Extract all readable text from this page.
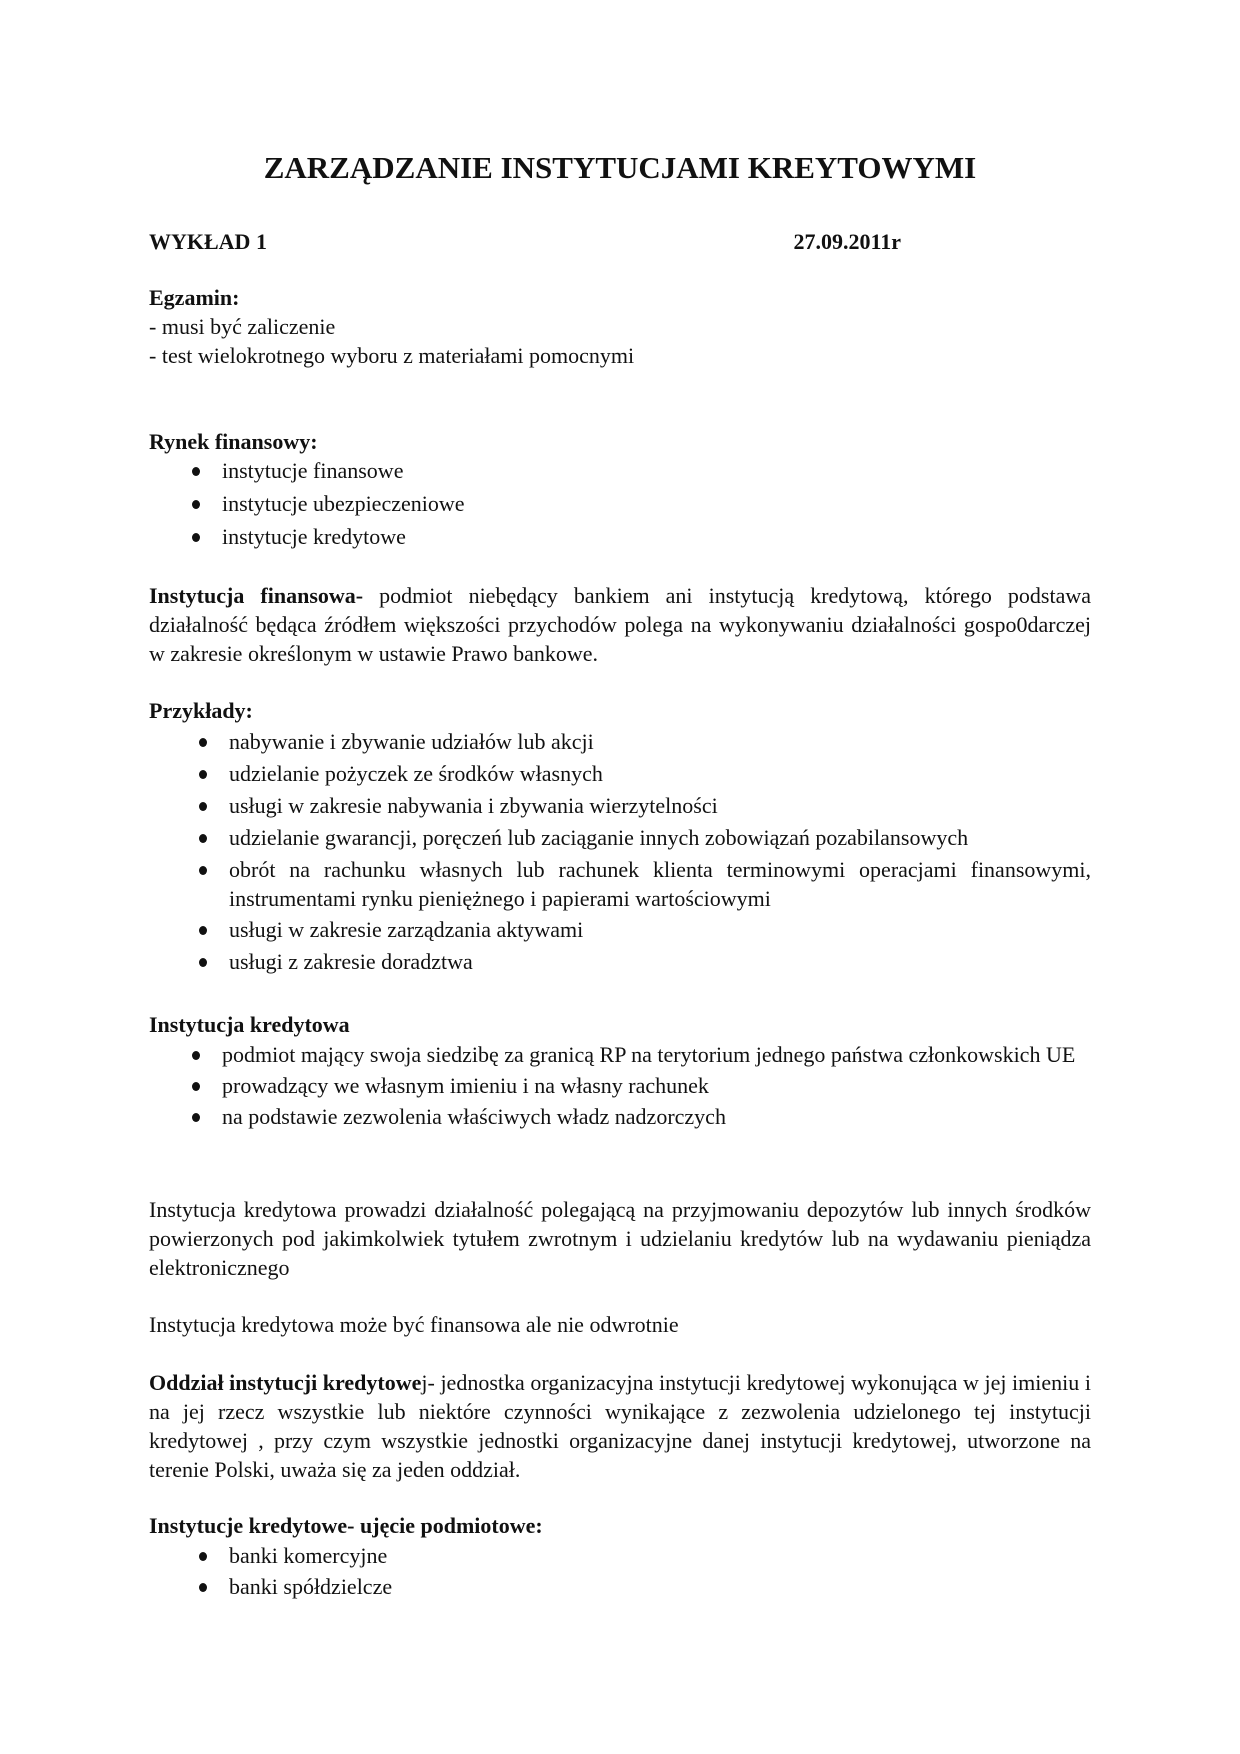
ZARZĄDZANIE INSTYTUCJAMI KREYTOWYMI
WYKŁAD 1	27.09.2011r
Egzamin:
- musi być zaliczenie
- test wielokrotnego wyboru z materiałami pomocnymi
Rynek finansowy:
instytucje finansowe
instytucje ubezpieczeniowe
instytucje kredytowe
Instytucja finansowa- podmiot niebędący bankiem ani instytucją kredytową, którego podstawa działalność będąca źródłem większości przychodów polega na wykonywaniu działalności gospo0darczej w zakresie określonym w ustawie Prawo bankowe.
Przykłady:
nabywanie i zbywanie udziałów lub akcji
udzielanie pożyczek ze środków własnych
usługi w zakresie nabywania i zbywania wierzytelności
udzielanie gwarancji, poręczeń lub zaciąganie innych zobowiązań pozabilansowych
obrót na rachunku własnych lub rachunek klienta terminowymi operacjami finansowymi, instrumentami rynku pieniężnego i papierami wartościowymi
usługi w zakresie zarządzania aktywami
usługi z zakresie doradztwa
Instytucja kredytowa
podmiot mający swoja siedzibę za granicą RP na terytorium jednego państwa członkowskich UE
prowadzący we własnym imieniu i na własny rachunek
na podstawie zezwolenia właściwych władz nadzorczych
Instytucja kredytowa prowadzi działalność polegającą na przyjmowaniu depozytów lub innych środków powierzonych pod jakimkolwiek tytułem zwrotnym i udzielaniu kredytów lub na wydawaniu pieniądza elektronicznego
Instytucja kredytowa może być finansowa ale nie odwrotnie
Oddział instytucji kredytowej- jednostka organizacyjna instytucji kredytowej wykonująca w jej imieniu i na jej rzecz wszystkie lub niektóre czynności wynikające z zezwolenia udzielonego tej instytucji kredytowej , przy czym wszystkie jednostki organizacyjne danej instytucji kredytowej, utworzone na terenie Polski, uważa się za jeden oddział.
Instytucje kredytowe- ujęcie podmiotowe:
banki komercyjne
banki spółdzielcze
